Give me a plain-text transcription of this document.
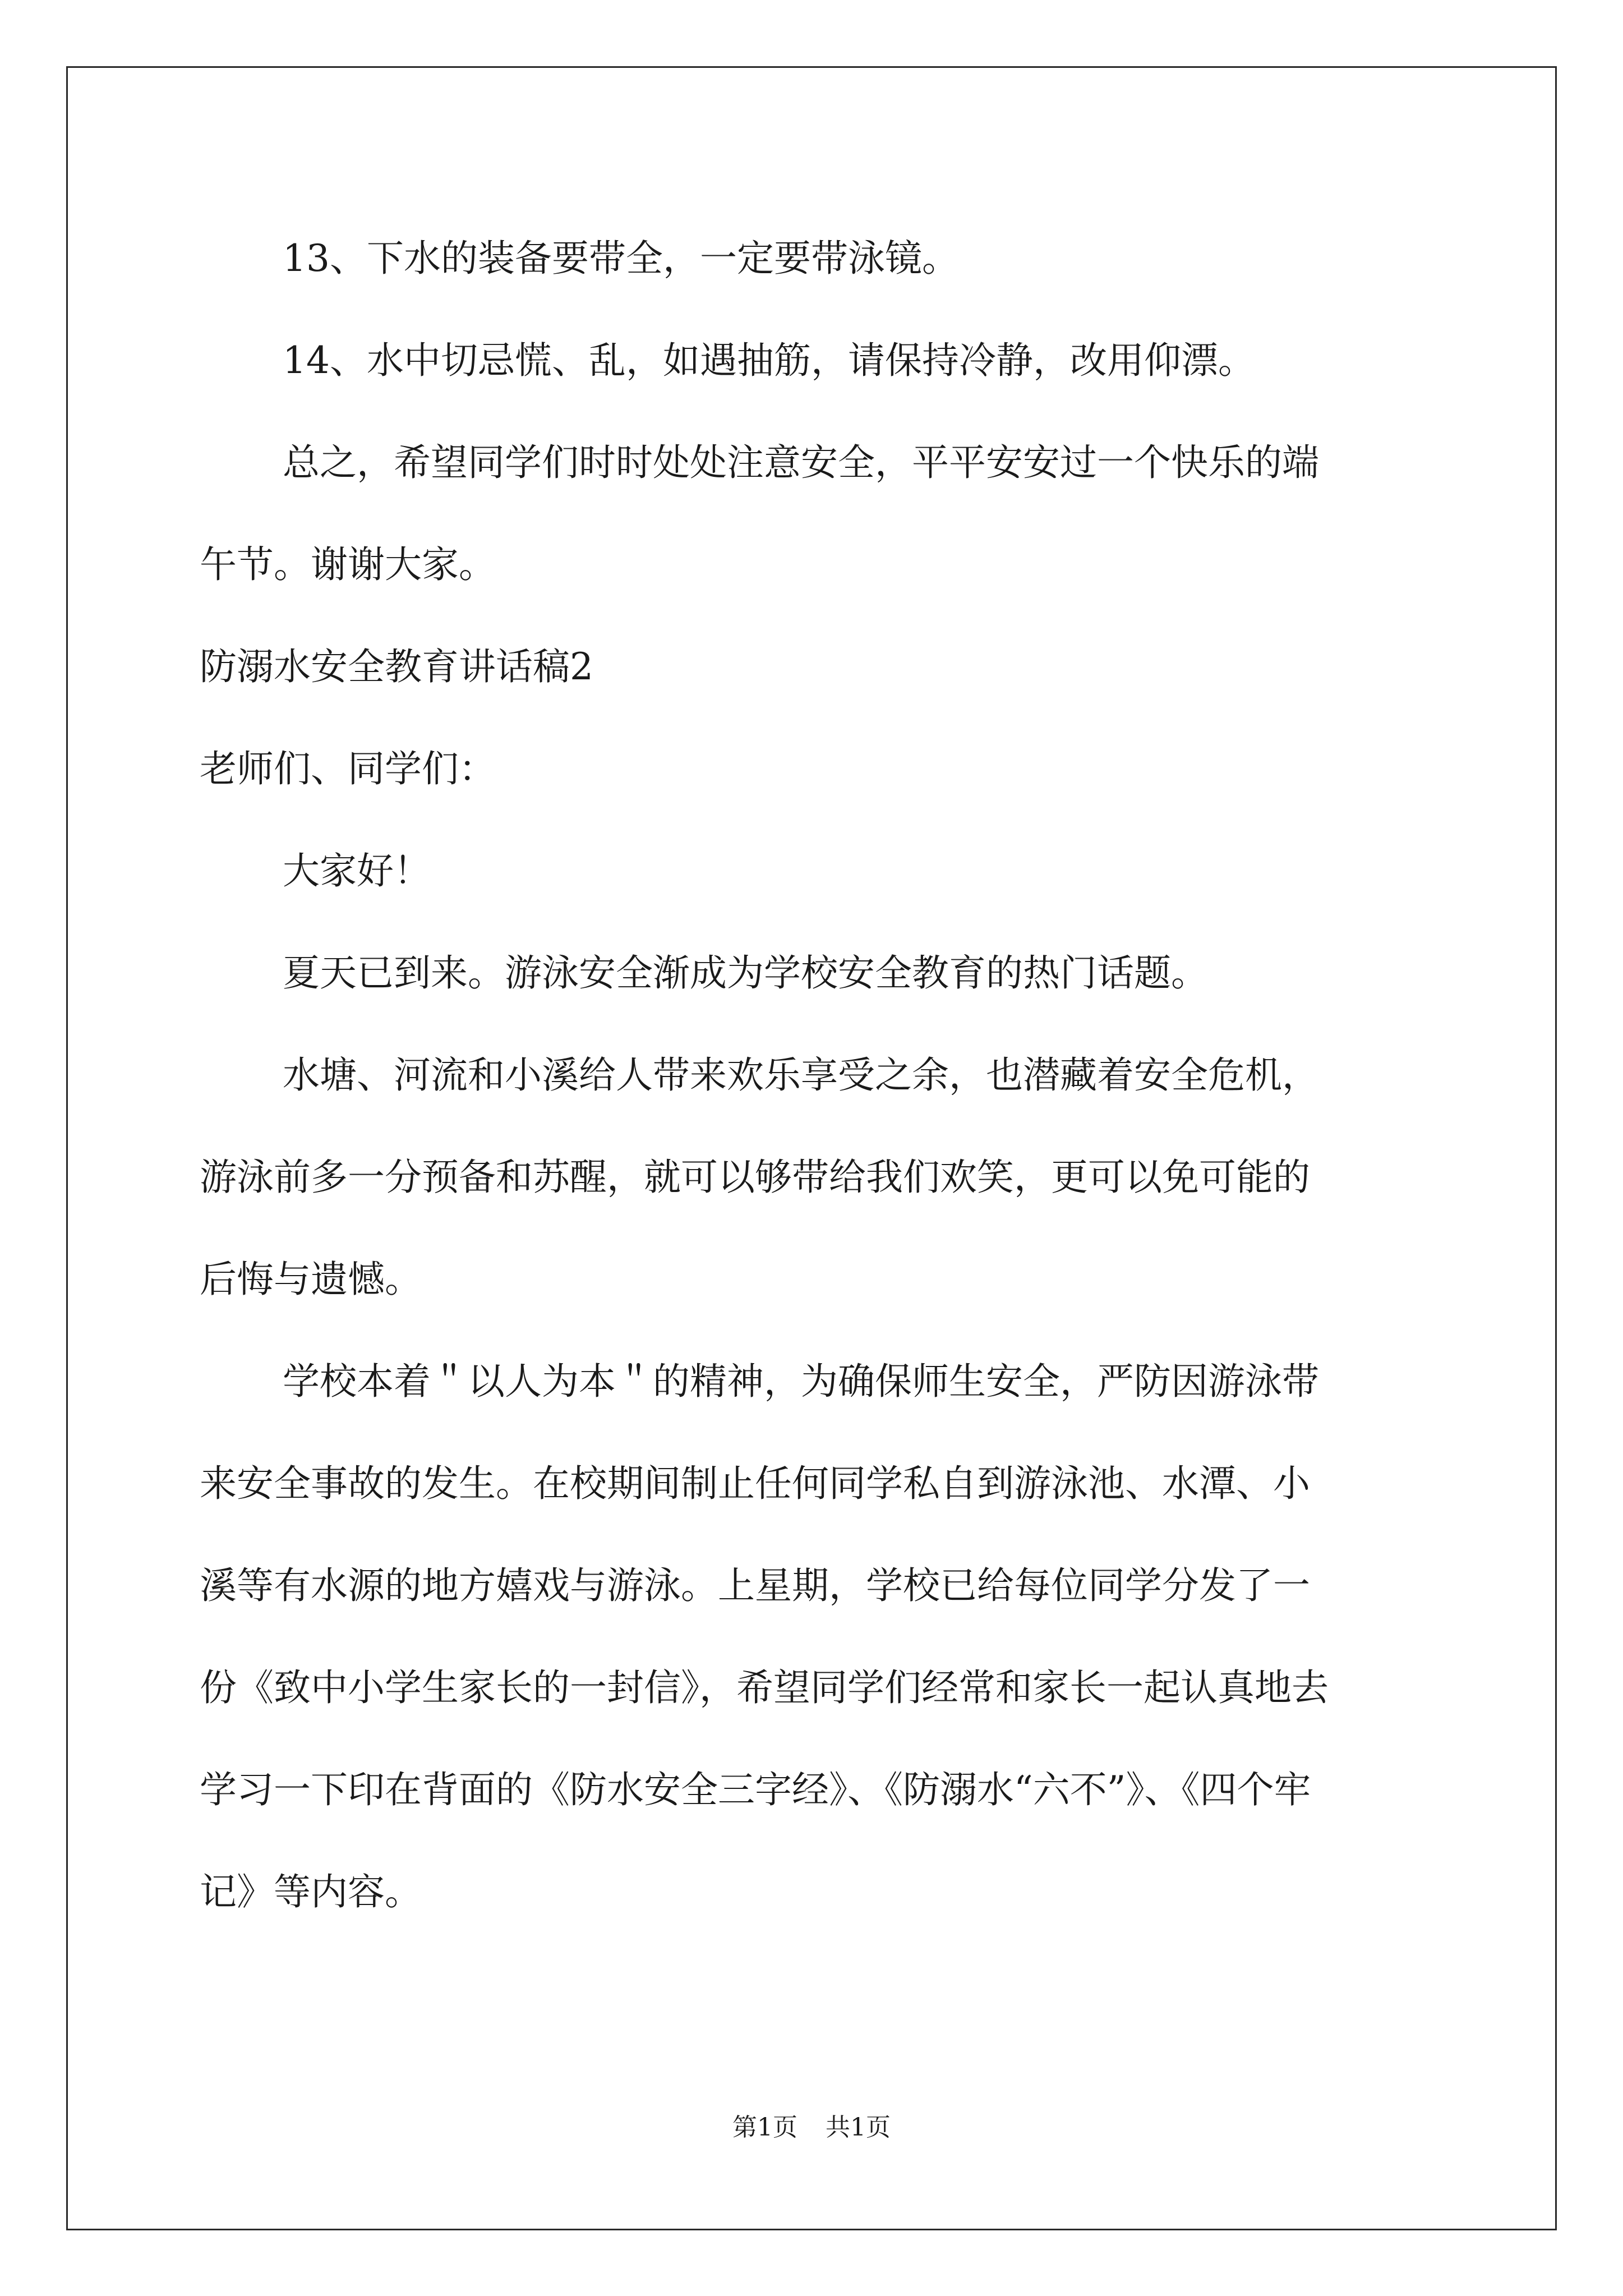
13、下水的装备要带全，一定要带泳镜。

14、水中切忌慌、乱，如遇抽筋，请保持冷静，改用仰漂。

总之，希望同学们时时处处注意安全，平平安安过一个快乐的端

午节。谢谢大家。

防溺水安全教育讲话稿2

老师们、同学们：

大家好！

夏天已到来。游泳安全渐成为学校安全教育的热门话题。

水塘、河流和小溪给人带来欢乐享受之余，也潜藏着安全危机，

游泳前多一分预备和苏醒，就可以够带给我们欢笑，更可以免可能的

后悔与遗憾。

学校本着＂以人为本＂的精神，为确保师生安全，严防因游泳带

来安全事故的发生。在校期间制止任何同学私自到游泳池、水潭、小

溪等有水源的地方嬉戏与游泳。上星期，学校已给每位同学分发了一

份《致中小学生家长的一封信》，希望同学们经常和家长一起认真地去

学习一下印在背面的《防水安全三字经》、《防溺水“六不”》、《四个牢

记》等内容。

第1页 共1页
